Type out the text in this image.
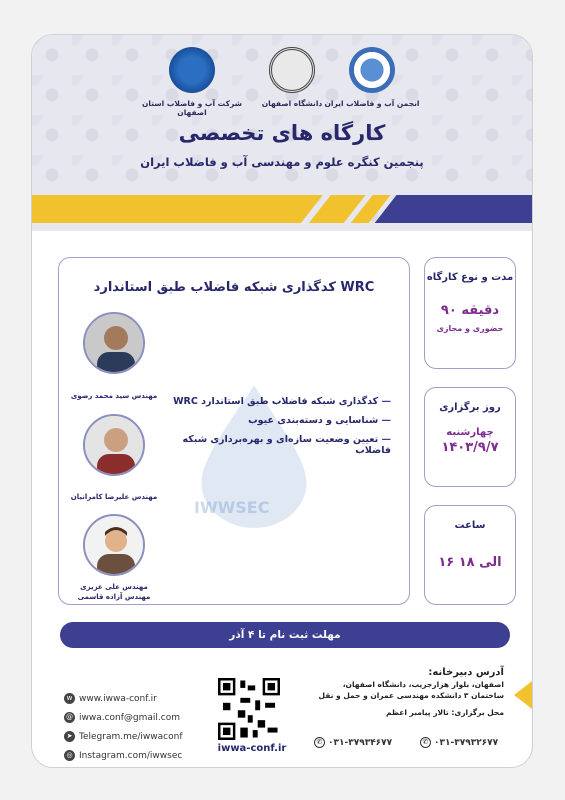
شرکت آب و فاضلاب استان اصفهان
دانشگاه اصفهان انجمن آب و فاضلاب ایران
کارگاه های تخصصی
پنجمین کنگره علوم و مهندسی آب و فاضلاب ایران
کدگذاری شبکه فاضلاب طبق استاندارد WRC
IWWSEC
مهندس سید محمد رضوی
مهندس علیرضا کامرانیان
مهندس علی عزیزی
مهندس آزاده قاسمی
— کدگذاری شبکه فاضلاب طبق استاندارد WRC
— شناسایی و دسته‌بندی عیوب
— تعیین وضعیت سازه‌ای و بهره‌برداری شبکه فاضلاب
مدت و نوع کارگاه
۹۰ دقیقه
حضوری و مجازی
روز برگزاری
چهارشنبه
۱۴۰۳/۹/۷
ساعت
۱۶ الی ۱۸
مهلت ثبت نام تا ۴ آذر
w www.iwwa-conf.ir
@ iwwa.conf@gmail.com
➤ Telegram.me/iwwaconf
◎ Instagram.com/iwwsec
iwwa-conf.ir
آدرس دبیرخانه:
اصفهان، بلوار هزارجریب، دانشگاه اصفهان،
ساختمان ۳ دانشکده مهندسی عمران و حمل و نقل
محل برگزاری: تالار پیامبر اعظم
✆ ۰۳۱-۳۷۹۳۴۶۷۷	✆ ۰۳۱-۳۷۹۳۲۶۷۷
